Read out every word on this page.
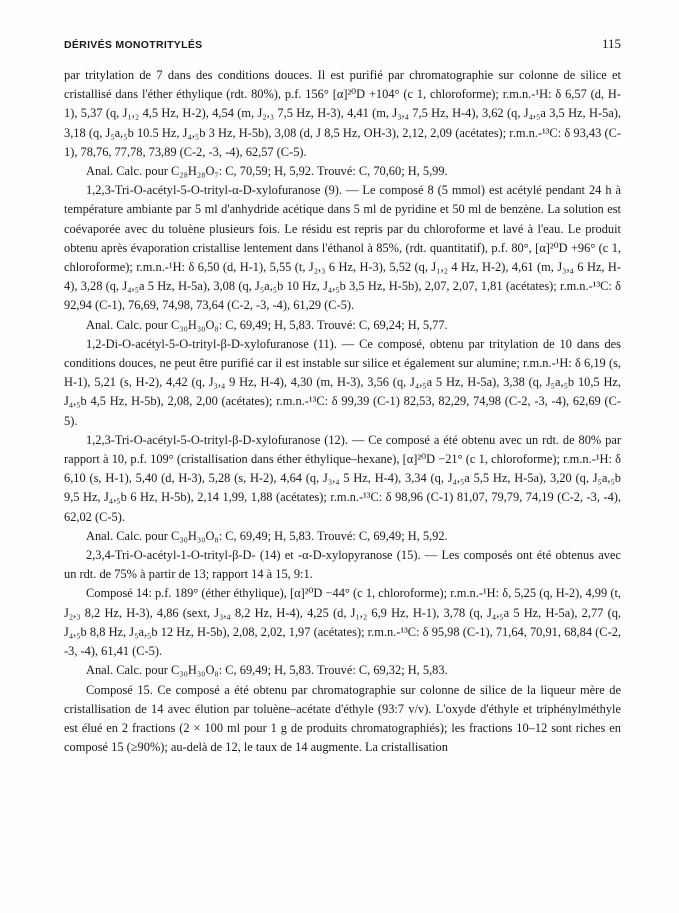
DÉRIVÉS MONOTRITYLÉS	115

par tritylation de 7 dans des conditions douces. Il est purifié par chromatographie sur colonne de silice et cristallisé dans l'éther éthylique (rdt. 80%), p.f. 156° [α]²⁰D +104° (c 1, chloroforme); r.m.n.-¹H: δ 6,57 (d, H-1), 5,37 (q, J₁,₂ 4,5 Hz, H-2), 4,54 (m, J₂,₃ 7,5 Hz, H-3), 4,41 (m, J₃,₄ 7,5 Hz, H-4), 3,62 (q, J₄,₅a 3,5 Hz, H-5a), 3,18 (q, J₅a,₅b 10.5 Hz, J₄,₅b 3 Hz, H-5b), 3,08 (d, J 8,5 Hz, OH-3), 2,12, 2,09 (acétates); r.m.n.-¹³C: δ 93,43 (C-1), 78,76, 77,78, 73,89 (C-2, -3, -4), 62,57 (C-5).

Anal. Calc. pour C₂₈H₂₈O₇: C, 70,59; H, 5,92. Trouvé: C, 70,60; H, 5,99.

1,2,3-Tri-O-acétyl-5-O-trityl-α-D-xylofuranose (9). — Le composé 8 (5 mmol) est acétylé pendant 24 h à température ambiante par 5 ml d'anhydride acétique dans 5 ml de pyridine et 50 ml de benzène. La solution est coévaporée avec du toluène plusieurs fois. Le résidu est repris par du chloroforme et lavé à l'eau. Le produit obtenu après évaporation cristallise lentement dans l'éthanol à 85%, (rdt. quantitatif), p.f. 80°, [α]²⁰D +96° (c 1, chloroforme); r.m.n.-¹H: δ 6,50 (d, H-1), 5,55 (t, J₂,₃ 6 Hz, H-3), 5,52 (q, J₁,₂ 4 Hz, H-2), 4,61 (m, J₃,₄ 6 Hz, H-4), 3,28 (q, J₄,₅a 5 Hz, H-5a), 3,08 (q, J₅a,₅b 10 Hz, J₄,₅b 3,5 Hz, H-5b), 2,07, 2,07, 1,81 (acétates); r.m.n.-¹³C: δ 92,94 (C-1), 76,69, 74,98, 73,64 (C-2, -3, -4), 61,29 (C-5).

Anal. Calc. pour C₃₀H₃₀O₈: C, 69,49; H, 5,83. Trouvé: C, 69,24; H, 5,77.

1,2-Di-O-acétyl-5-O-trityl-β-D-xylofuranose (11). — Ce composé, obtenu par tritylation de 10 dans des conditions douces, ne peut être purifié car il est instable sur silice et également sur alumine; r.m.n.-¹H: δ 6,19 (s, H-1), 5,21 (s, H-2), 4,42 (q, J₃,₄ 9 Hz, H-4), 4,30 (m, H-3), 3,56 (q, J₄,₅a 5 Hz, H-5a), 3,38 (q, J₅a,₅b 10,5 Hz, J₄,₅b 4,5 Hz, H-5b), 2,08, 2,00 (acétates); r.m.n.-¹³C: δ 99,39 (C-1) 82,53, 82,29, 74,98 (C-2, -3, -4), 62,69 (C-5).

1,2,3-Tri-O-acétyl-5-O-trityl-β-D-xylofuranose (12). — Ce composé a été obtenu avec un rdt. de 80% par rapport à 10, p.f. 109° (cristallisation dans éther éthylique–hexane), [α]²⁰D −21° (c 1, chloroforme); r.m.n.-¹H: δ 6,10 (s, H-1), 5,40 (d, H-3), 5,28 (s, H-2), 4,64 (q, J₃,₄ 5 Hz, H-4), 3,34 (q, J₄,₅a 5,5 Hz, H-5a), 3,20 (q, J₅a,₅b 9,5 Hz, J₄,₅b 6 Hz, H-5b), 2,14 1,99, 1,88 (acétates); r.m.n.-¹³C: δ 98,96 (C-1) 81,07, 79,79, 74,19 (C-2, -3, -4), 62,02 (C-5).

Anal. Calc. pour C₃₀H₃₀O₈: C, 69,49; H, 5,83. Trouvé: C, 69,49; H, 5,92.

2,3,4-Tri-O-acétyl-1-O-trityl-β-D- (14) et -α-D-xylopyranose (15). — Les composés ont été obtenus avec un rdt. de 75% à partir de 13; rapport 14 à 15, 9:1.

Composé 14: p.f. 189° (éther éthylique), [α]²⁰D −44° (c 1, chloroforme); r.m.n.-¹H: δ, 5,25 (q, H-2), 4,99 (t, J₂,₃ 8,2 Hz, H-3), 4,86 (sext, J₃,₄ 8,2 Hz, H-4), 4,25 (d, J₁,₂ 6,9 Hz, H-1), 3,78 (q, J₄,₅a 5 Hz, H-5a), 2,77 (q, J₄,₅b 8,8 Hz, J₅a,₅b 12 Hz, H-5b), 2,08, 2,02, 1,97 (acétates); r.m.n.-¹³C: δ 95,98 (C-1), 71,64, 70,91, 68,84 (C-2, -3, -4), 61,41 (C-5).

Anal. Calc. pour C₃₀H₃₀O₈: C, 69,49; H, 5,83. Trouvé: C, 69,32; H, 5,83.

Composé 15. Ce composé a été obtenu par chromatographie sur colonne de silice de la liqueur mère de cristallisation de 14 avec élution par toluène–acétate d'éthyle (93:7 v/v). L'oxyde d'éthyle et triphénylméthyle est élué en 2 fractions (2 × 100 ml pour 1 g de produits chromatographiés); les fractions 10–12 sont riches en composé 15 (≥90%); au-delà de 12, le taux de 14 augmente. La cristallisation
